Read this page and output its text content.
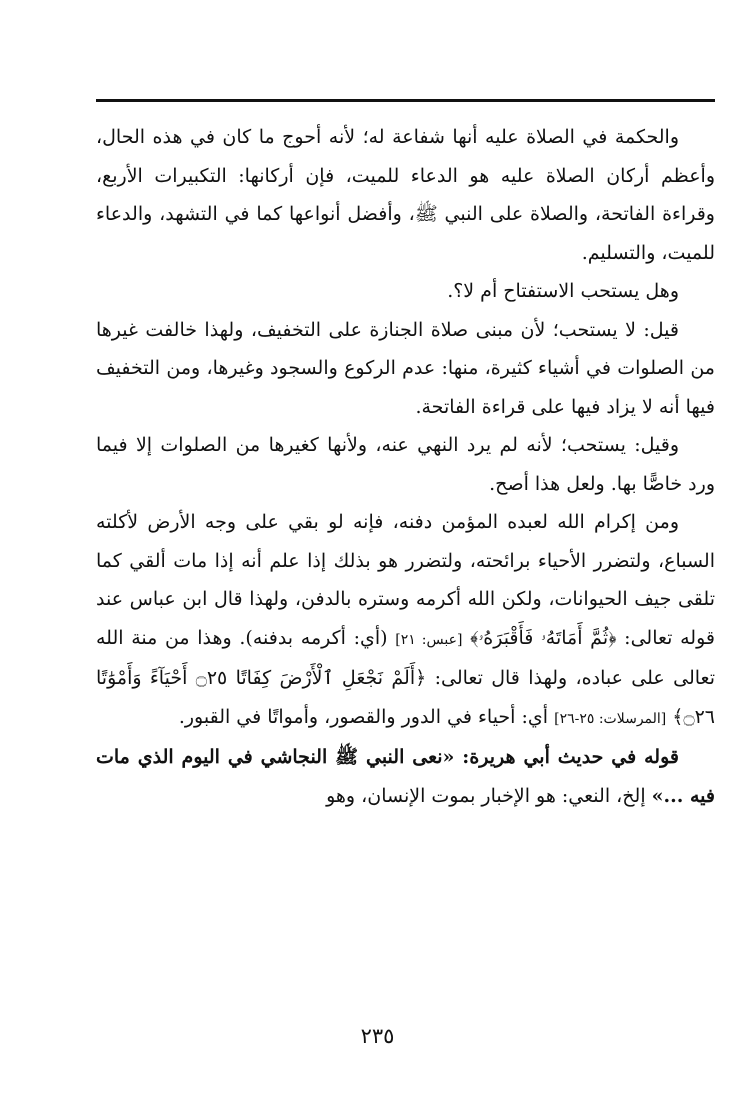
والحكمة في الصلاة عليه أنها شفاعة له؛ لأنه أحوج ما كان في هذه الحال، وأعظم أركان الصلاة عليه هو الدعاء للميت، فإن أركانها: التكبيرات الأربع، وقراءة الفاتحة، والصلاة على النبي ﷺ، وأفضل أنواعها كما في التشهد، والدعاء للميت، والتسليم.

وهل يستحب الاستفتاح أم لا؟.

قيل: لا يستحب؛ لأن مبنى صلاة الجنازة على التخفيف، ولهذا خالفت غيرها من الصلوات في أشياء كثيرة، منها: عدم الركوع والسجود وغيرها، ومن التخفيف فيها أنه لا يزاد فيها على قراءة الفاتحة.

وقيل: يستحب؛ لأنه لم يرد النهي عنه، ولأنها كغيرها من الصلوات إلا فيما ورد خاصًّا بها. ولعل هذا أصح.

ومن إكرام الله لعبده المؤمن دفنه، فإنه لو بقي على وجه الأرض لأكلته السباع، ولتضرر الأحياء برائحته، ولتضرر هو بذلك إذا علم أنه إذا مات ألقي كما تلقى جيف الحيوانات، ولكن الله أكرمه وستره بالدفن، ولهذا قال ابن عباس عند قوله تعالى: ﴿ثُمَّ أَمَاتَهُۥ فَأَقْبَرَهُۥ﴾ [عبس: ٢١] (أي: أكرمه بدفنه). وهذا من منة الله تعالى على عباده، ولهذا قال تعالى: ﴿أَلَمْ نَجْعَلِ ٱلْأَرْضَ كِفَاتًا ۝٢٥ أَحْيَآءً وَأَمْوَٰتًا ۝٢٦﴾ [المرسلات: ٢٥-٢٦] أي: أحياء في الدور والقصور، وأمواتًا في القبور.

قوله في حديث أبي هريرة: «نعى النبي ﷺ النجاشي في اليوم الذي مات فيه ...» إلخ، النعي: هو الإخبار بموت الإنسان، وهو

٢٣٥
